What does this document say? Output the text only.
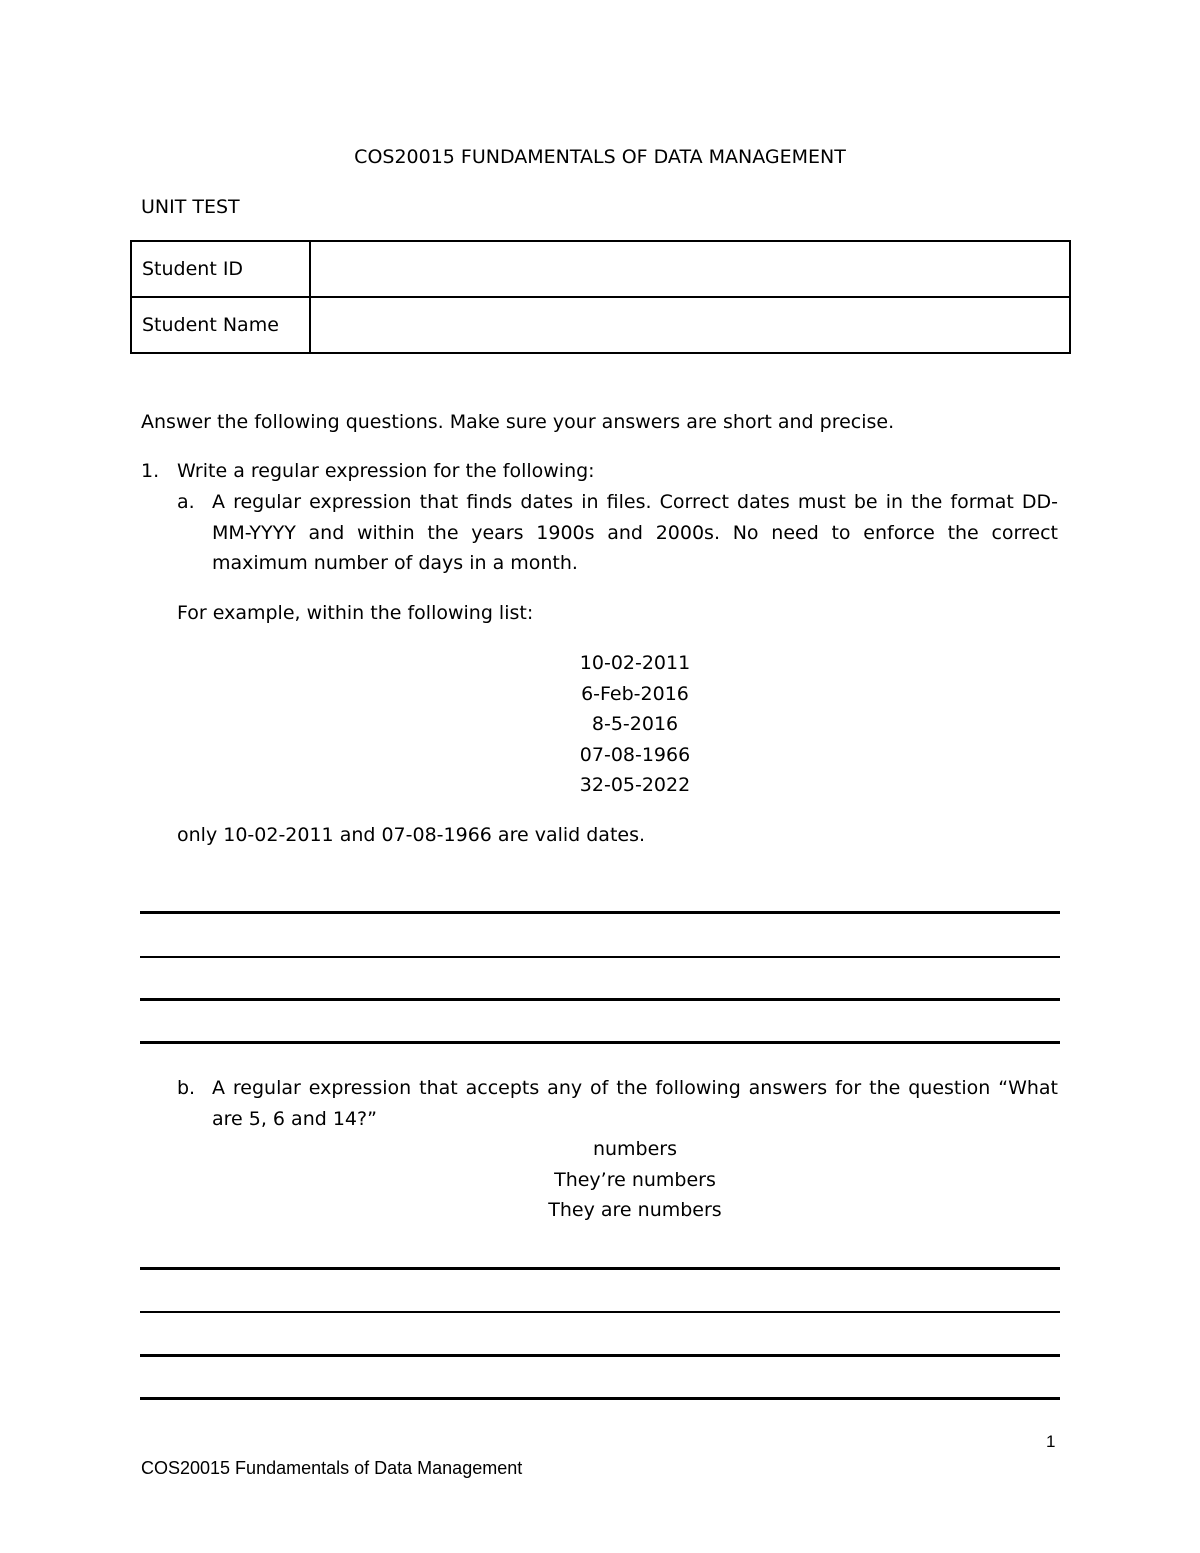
COS20015 FUNDAMENTALS OF DATA MANAGEMENT
UNIT TEST
Student ID	
Student Name	
Answer the following questions. Make sure your answers are short and precise.
1. Write a regular expression for the following:
a. A regular expression that finds dates in files. Correct dates must be in the format DD-MM-YYYY and within the years 1900s and 2000s. No need to enforce the correct maximum number of days in a month.
For example, within the following list:
10-02-2011
6-Feb-2016
8-5-2016
07-08-1966
32-05-2022
only 10-02-2011 and 07-08-1966 are valid dates.
b. A regular expression that accepts any of the following answers for the question “What are 5, 6 and 14?”
numbers
They’re numbers
They are numbers
1
COS20015 Fundamentals of Data Management
